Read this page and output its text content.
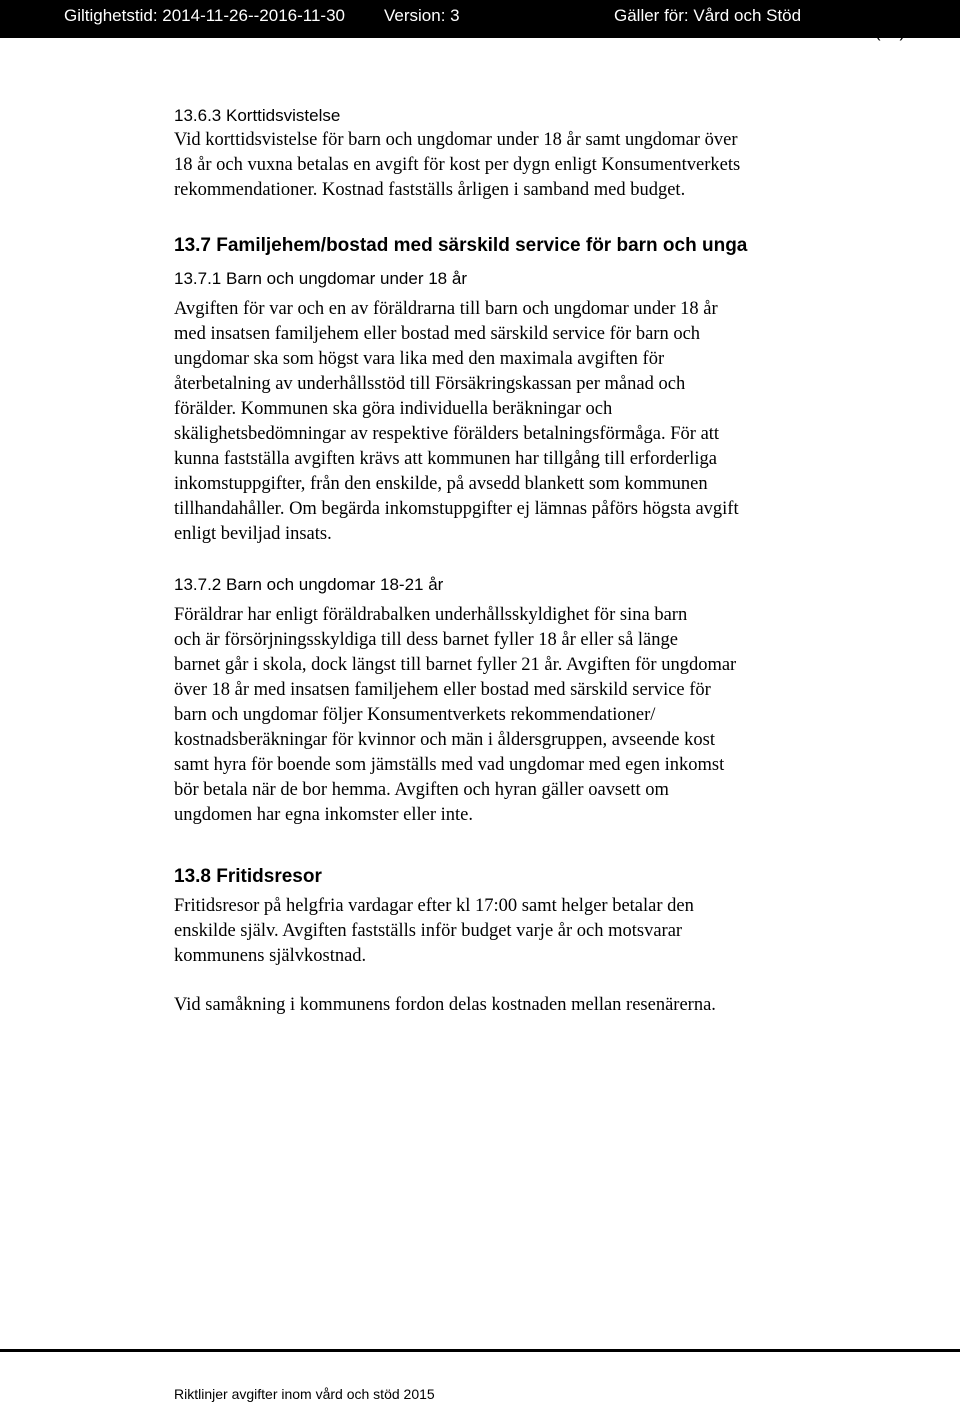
Giltighetstid: 2014-11-26--2016-11-30 Version: 3	Gäller för: Vård och Stöd
16(16)
13.6.3 Korttidsvistelse

Vid korttidsvistelse för barn och ungdomar under 18 år samt ungdomar över
18 år och vuxna betalas en avgift för kost per dygn enligt Konsumentverkets
rekommendationer. Kostnad fastställs årligen i samband med budget.

13.7 Familjehem/bostad med särskild service för barn och unga
13.7.1 Barn och ungdomar under 18 år

Avgiften för var och en av föräldrarna till barn och ungdomar under 18 år
med insatsen familjehem eller bostad med särskild service för barn och
ungdomar ska som högst vara lika med den maximala avgiften för
återbetalning av underhållsstöd till Försäkringskassan per månad och
förälder. Kommunen ska göra individuella beräkningar och
skälighetsbedömningar av respektive förälders betalningsförmåga. För att
kunna fastställa avgiften krävs att kommunen har tillgång till erforderliga
inkomstuppgifter, från den enskilde, på avsedd blankett som kommunen
tillhandahåller. Om begärda inkomstuppgifter ej lämnas påförs högsta avgift
enligt beviljad insats.

13.7.2 Barn och ungdomar 18-21 år

Föräldrar har enligt föräldrabalken underhållsskyldighet för sina barn
och är försörjningsskyldiga till dess barnet fyller 18 år eller så länge
barnet går i skola, dock längst till barnet fyller 21 år. Avgiften för ungdomar
över 18 år med insatsen familjehem eller bostad med särskild service för
barn och ungdomar följer Konsumentverkets rekommendationer/
kostnadsberäkningar för kvinnor och män i åldersgruppen, avseende kost
samt hyra för boende som jämställs med vad ungdomar med egen inkomst
bör betala när de bor hemma. Avgiften och hyran gäller oavsett om
ungdomen har egna inkomster eller inte.

13.8 Fritidsresor

Fritidsresor på helgfria vardagar efter kl 17:00 samt helger betalar den
enskilde själv. Avgiften fastställs inför budget varje år och motsvarar
kommunens självkostnad.

Vid samåkning i kommunens fordon delas kostnaden mellan resenärerna.

Riktlinjer avgifter inom vård och stöd 2015
